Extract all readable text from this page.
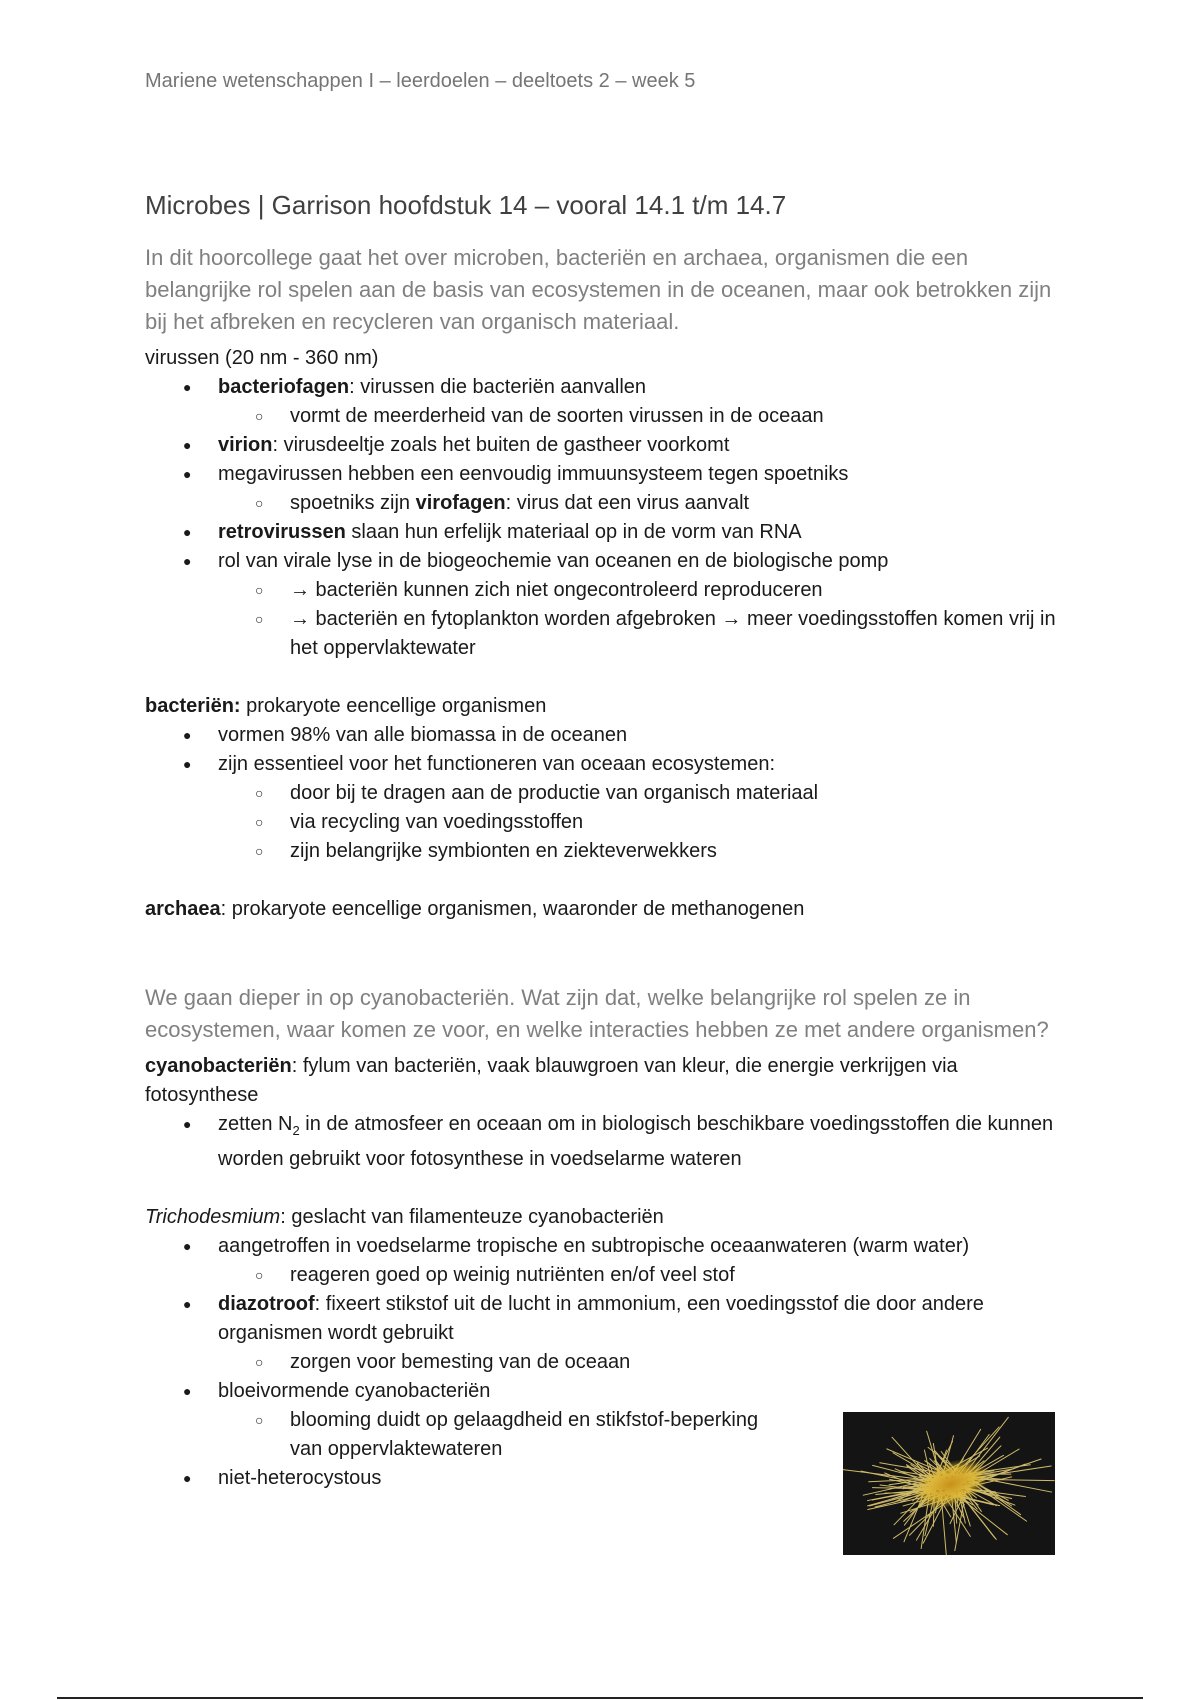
Mariene wetenschappen I – leerdoelen – deeltoets 2 – week 5

Microbes | Garrison hoofdstuk 14 – vooral 14.1 t/m 14.7

In dit hoorcollege gaat het over microben, bacteriën en archaea, organismen die een belangrijke rol spelen aan de basis van ecosystemen in de oceanen, maar ook betrokken zijn bij het afbreken en recycleren van organisch materiaal.

virussen (20 nm - 360 nm)

● bacteriofagen: virussen die bacteriën aanvallen
○ vormt de meerderheid van de soorten virussen in de oceaan
● virion: virusdeeltje zoals het buiten de gastheer voorkomt
● megavirussen hebben een eenvoudig immuunsysteem tegen spoetniks
○ spoetniks zijn virofagen: virus dat een virus aanvalt
● retrovirussen slaan hun erfelijk materiaal op in de vorm van RNA
● rol van virale lyse in de biogeochemie van oceanen en de biologische pomp
○ → bacteriën kunnen zich niet ongecontroleerd reproduceren
○ → bacteriën en fytoplankton worden afgebroken → meer voedingsstoffen komen vrij in het oppervlaktewater

bacteriën: prokaryote eencellige organismen

● vormen 98% van alle biomassa in de oceanen
● zijn essentieel voor het functioneren van oceaan ecosystemen:
○ door bij te dragen aan de productie van organisch materiaal
○ via recycling van voedingsstoffen
○ zijn belangrijke symbionten en ziekteverwekkers

archaea: prokaryote eencellige organismen, waaronder de methanogenen

We gaan dieper in op cyanobacteriën. Wat zijn dat, welke belangrijke rol spelen ze in ecosystemen, waar komen ze voor, en welke interacties hebben ze met andere organismen?

cyanobacteriën: fylum van bacteriën, vaak blauwgroen van kleur, die energie verkrijgen via fotosynthese

● zetten $N_2$ in de atmosfeer en oceaan om in biologisch beschikbare voedingsstoffen die kunnen worden gebruikt voor fotosynthese in voedselarme wateren

Trichodesmium: geslacht van filamenteuze cyanobacteriën

● aangetroffen in voedselarme tropische en subtropische oceaanwateren (warm water)
○ reageren goed op weinig nutriënten en/of veel stof
● diazotroof: fixeert stikstof uit de lucht in ammonium, een voedingsstof die door andere organismen wordt gebruikt
○ zorgen voor bemesting van de oceaan
● bloeivormende cyanobacteriën
○ blooming duidt op gelaagdheid en stikfstof-beperking van oppervlaktewateren
● niet-heterocystous
